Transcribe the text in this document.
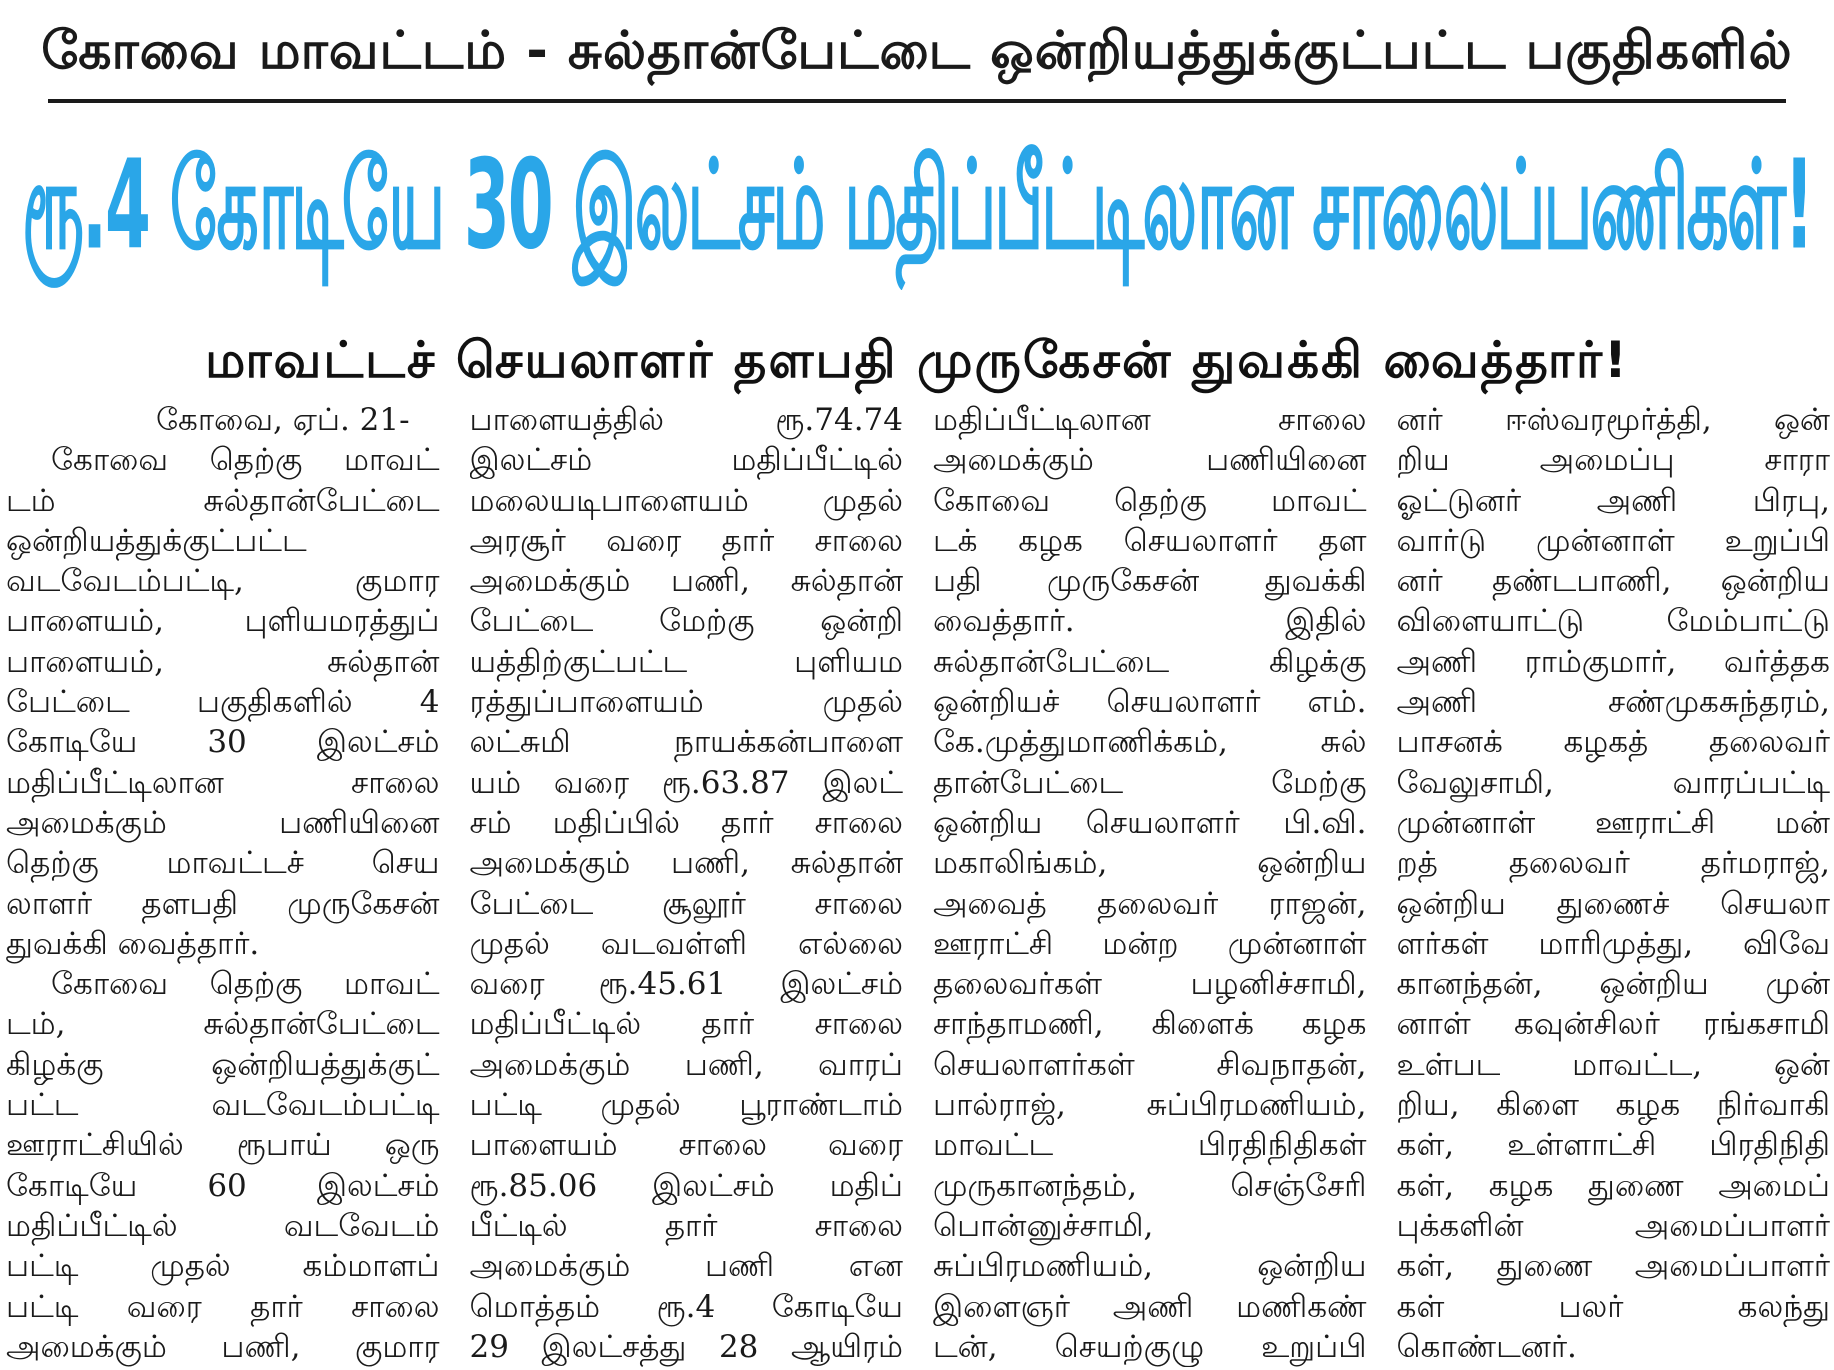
கோவை மாவட்டம் - சுல்தான்பேட்டை ஒன்றியத்துக்குட்பட்ட பகுதிகளில்
ரூ.4 கோடியே 30 இலட்சம் மதிப்பீட்டிலான சாலைப்பணிகள்!
மாவட்டச் செயலாளர் தளபதி முருகேசன் துவக்கி வைத்தார்!
கோவை, ஏப். 21-
கோவை தெற்கு மாவட்
டம் சுல்தான்பேட்டை
ஒன்றியத்துக்குட்பட்ட
வடவேடம்பட்டி, குமார
பாளையம், புளியமரத்துப்
பாளையம், சுல்தான்
பேட்டை பகுதிகளில் 4
கோடியே 30 இலட்சம்
மதிப்பீட்டிலான சாலை
அமைக்கும் பணியினை
தெற்கு மாவட்டச் செய
லாளர் தளபதி முருகேசன்
துவக்கி வைத்தார்.
கோவை தெற்கு மாவட்
டம், சுல்தான்பேட்டை
கிழக்கு ஒன்றியத்துக்குட்
பட்ட வடவேடம்பட்டி
ஊராட்சியில் ரூபாய் ஒரு
கோடியே 60 இலட்சம்
மதிப்பீட்டில் வடவேடம்
பட்டி முதல் கம்மாளப்
பட்டி வரை தார் சாலை
அமைக்கும் பணி, குமார
பாளையத்தில் ரூ.74.74
இலட்சம் மதிப்பீட்டில்
மலையடிபாளையம் முதல்
அரசூர் வரை தார் சாலை
அமைக்கும் பணி, சுல்தான்
பேட்டை மேற்கு ஒன்றி
யத்திற்குட்பட்ட புளியம
ரத்துப்பாளையம் முதல்
லட்சுமி நாயக்கன்பாளை
யம் வரை ரூ.63.87 இலட்
சம் மதிப்பில் தார் சாலை
அமைக்கும் பணி, சுல்தான்
பேட்டை சூலூர் சாலை
முதல் வடவள்ளி எல்லை
வரை ரூ.45.61 இலட்சம்
மதிப்பீட்டில் தார் சாலை
அமைக்கும் பணி, வாரப்
பட்டி முதல் பூராண்டாம்
பாளையம் சாலை வரை
ரூ.85.06 இலட்சம் மதிப்
பீட்டில் தார் சாலை
அமைக்கும் பணி என
மொத்தம் ரூ.4 கோடியே
29 இலட்சத்து 28 ஆயிரம்
மதிப்பீட்டிலான சாலை
அமைக்கும் பணியினை
கோவை தெற்கு மாவட்
டக் கழக செயலாளர் தள
பதி முருகேசன் துவக்கி
வைத்தார். இதில்
சுல்தான்பேட்டை கிழக்கு
ஒன்றியச் செயலாளர் எம்.
கே.முத்துமாணிக்கம், சுல்
தான்பேட்டை மேற்கு
ஒன்றிய செயலாளர் பி.வி.
மகாலிங்கம், ஒன்றிய
அவைத் தலைவர் ராஜன்,
ஊராட்சி மன்ற முன்னாள்
தலைவர்கள் பழனிச்சாமி,
சாந்தாமணி, கிளைக் கழக
செயலாளர்கள் சிவநாதன்,
பால்ராஜ், சுப்பிரமணியம்,
மாவட்ட பிரதிநிதிகள்
முருகானந்தம், செஞ்சேரி
பொன்னுச்சாமி,
சுப்பிரமணியம், ஒன்றிய
இளைஞர் அணி மணிகண்
டன், செயற்குழு உறுப்பி
னர் ஈஸ்வரமூர்த்தி, ஒன்
றிய அமைப்பு சாரா
ஓட்டுனர் அணி பிரபு,
வார்டு முன்னாள் உறுப்பி
னர் தண்டபாணி, ஒன்றிய
விளையாட்டு மேம்பாட்டு
அணி ராம்குமார், வர்த்தக
அணி சண்முகசுந்தரம்,
பாசனக் கழகத் தலைவர்
வேலுசாமி, வாரப்பட்டி
முன்னாள் ஊராட்சி மன்
றத் தலைவர் தர்மராஜ்,
ஒன்றிய துணைச் செயலா
ளர்கள் மாரிமுத்து, விவே
கானந்தன், ஒன்றிய முன்
னாள் கவுன்சிலர் ரங்கசாமி
உள்பட மாவட்ட, ஒன்
றிய, கிளை கழக நிர்வாகி
கள், உள்ளாட்சி பிரதிநிதி
கள், கழக துணை அமைப்
புக்களின் அமைப்பாளர்
கள், துணை அமைப்பாளர்
கள் பலர் கலந்து
கொண்டனர்.
